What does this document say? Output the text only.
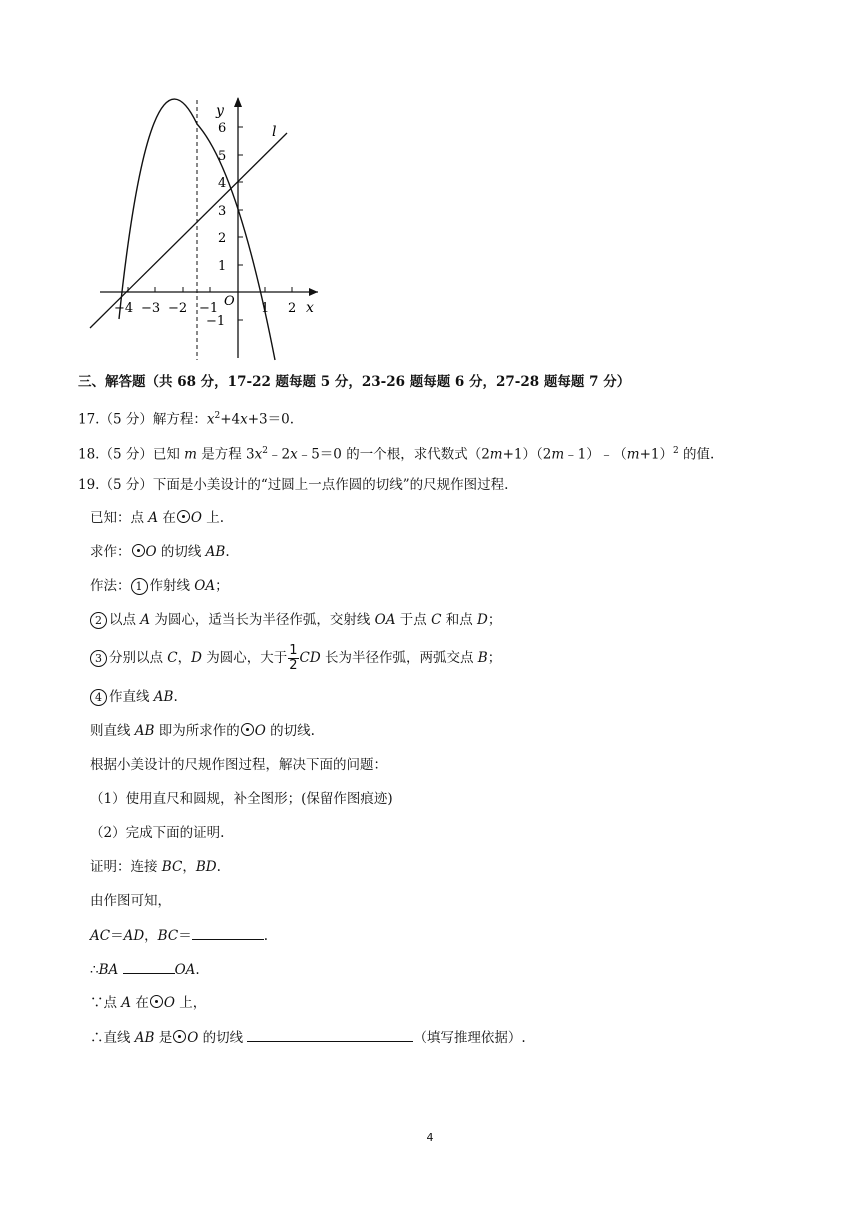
y
x
l
O
−4 −3 −2 −1	1 2
6
5
4
3
2
1
−1
三、解答题（共 68 分，17-22 题每题 5 分，23-26 题每题 6 分，27-28 题每题 7 分）
17.（5 分）解方程：$x^2+4x+3=0$.
18.（5 分）已知 m 是方程 $3x^2﹣2x﹣5=0$ 的一个根，求代数式$(2m+1)(2m﹣1)﹣(m+1)^2$ 的值.
19.（5 分）下面是小美设计的“过圆上一点作圆的切线”的尺规作图过程.
已知：点 A 在 O 上.
求作： O 的切线 AB.
作法： 1 作射线 OA；
2 以点 A 为圆心，适当长为半径作弧，交射线 OA 于点 C 和点 D；
3 分别以点 C，D 为圆心，大于 $\frac{1}{2}$ CD 长为半径作弧，两弧交点 B；
4 作直线 AB.
则直线 AB 即为所求作的 O 的切线.
根据小美设计的尺规作图过程，解决下面的问题：
（1）使用直尺和圆规，补全图形；(保留作图痕迹)
（2）完成下面的证明.
证明：连接 BC，BD.
由作图可知，
AC＝AD，BC＝	.
∴BA	OA.
∵点 A 在 O 上，
∴直线 AB 是 O 的切线	（填写推理依据）.
4
